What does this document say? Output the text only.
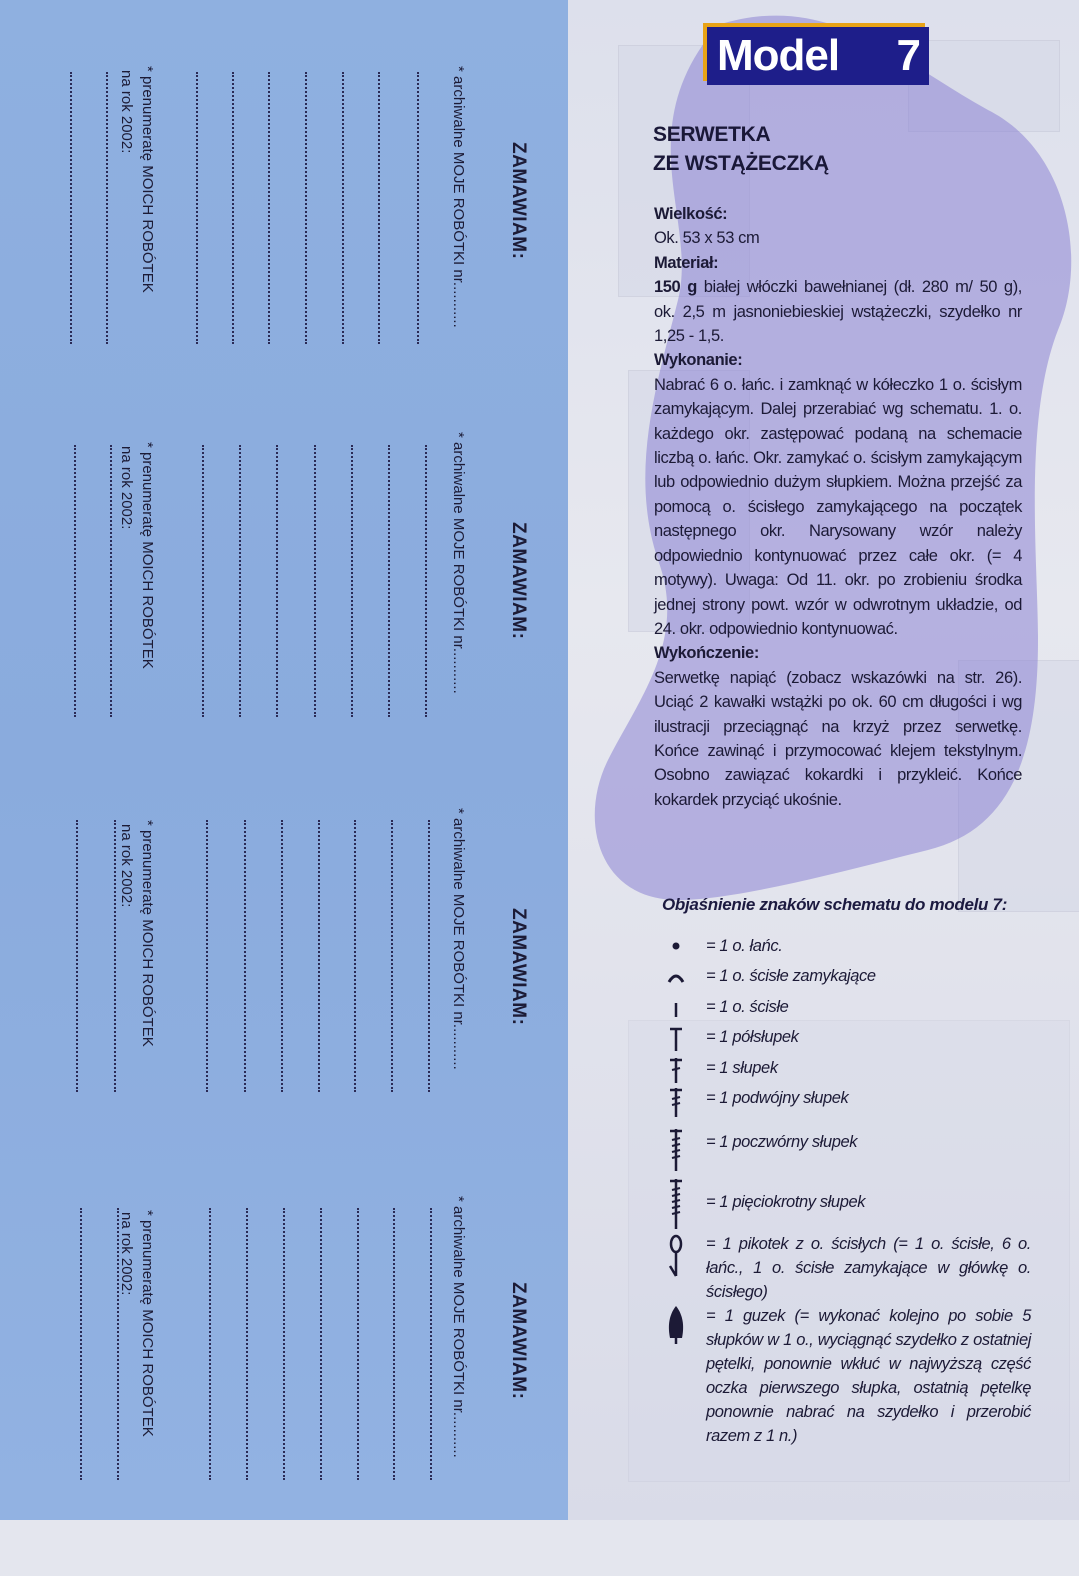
ZAMAWIAM:
* archiwalne MOJE ROBÓTKI nr...........
* prenumeratę MOICH ROBÓTEK
na rok 2002:
ZAMAWIAM:
* archiwalne MOJE ROBÓTKI nr...........
* prenumeratę MOICH ROBÓTEK
na rok 2002:
ZAMAWIAM:
* archiwalne MOJE ROBÓTKI nr...........
* prenumeratę MOICH ROBÓTEK
na rok 2002:
ZAMAWIAM:
* archiwalne MOJE ROBÓTKI nr...........
* prenumeratę MOICH ROBÓTEK
na rok 2002:
Model 7
SERWETKA
ZE WSTĄŻECZKĄ
Wielkość:

Ok. 53 x 53 cm

Materiał:

150 g białej włóczki bawełnianej (dł. 280 m/ 50 g), ok. 2,5 m jasnoniebieskiej wstążeczki, szydełko nr 1,25 - 1,5.

Wykonanie:

Nabrać 6 o. łańc. i zamknąć w kółeczko 1 o. ścisłym zamykającym. Dalej przerabiać wg schematu. 1. o. każdego okr. zastępować podaną na schemacie liczbą o. łańc. Okr. zamykać o. ścisłym zamykającym lub odpowiednio dużym słupkiem. Można przejść za pomocą o. ścisłego zamykającego na początek następnego okr. Narysowany wzór należy odpowiednio kontynuować przez całe okr. (= 4 motywy). Uwaga: Od 11. okr. po zrobieniu środka jednej strony powt. wzór w odwrotnym układzie, od 24. okr. odpowiednio kontynuować.

Wykończenie:

Serwetkę napiąć (zobacz wskazówki na str. 26). Uciąć 2 kawałki wstążki po ok. 60 cm długości i wg ilustracji przeciągnąć na krzyż przez serwetkę. Końce zawinąć i przymocować klejem tekstylnym. Osobno zawiązać kokardki i przykleić. Końce kokardek przyciąć ukośnie.

Objaśnienie znaków schematu do modelu 7:
= 1 o. łańc.
= 1 o. ścisłe zamykające
= 1 o. ścisłe
= 1 półsłupek
= 1 słupek
= 1 podwójny słupek
= 1 poczwórny słupek
= 1 pięciokrotny słupek
= 1 pikotek z o. ścisłych (= 1 o. ścisłe, 6 o. łańc., 1 o. ścisłe zamykające w główkę o. ścisłego)
= 1 guzek (= wykonać kolejno po sobie 5 słupków w 1 o., wyciągnąć szydełko z ostatniej pętelki, ponownie wkłuć w najwyższą część oczka pierwszego słupka, ostatnią pętelkę ponownie nabrać na szydełko i przerobić razem z 1 n.)
